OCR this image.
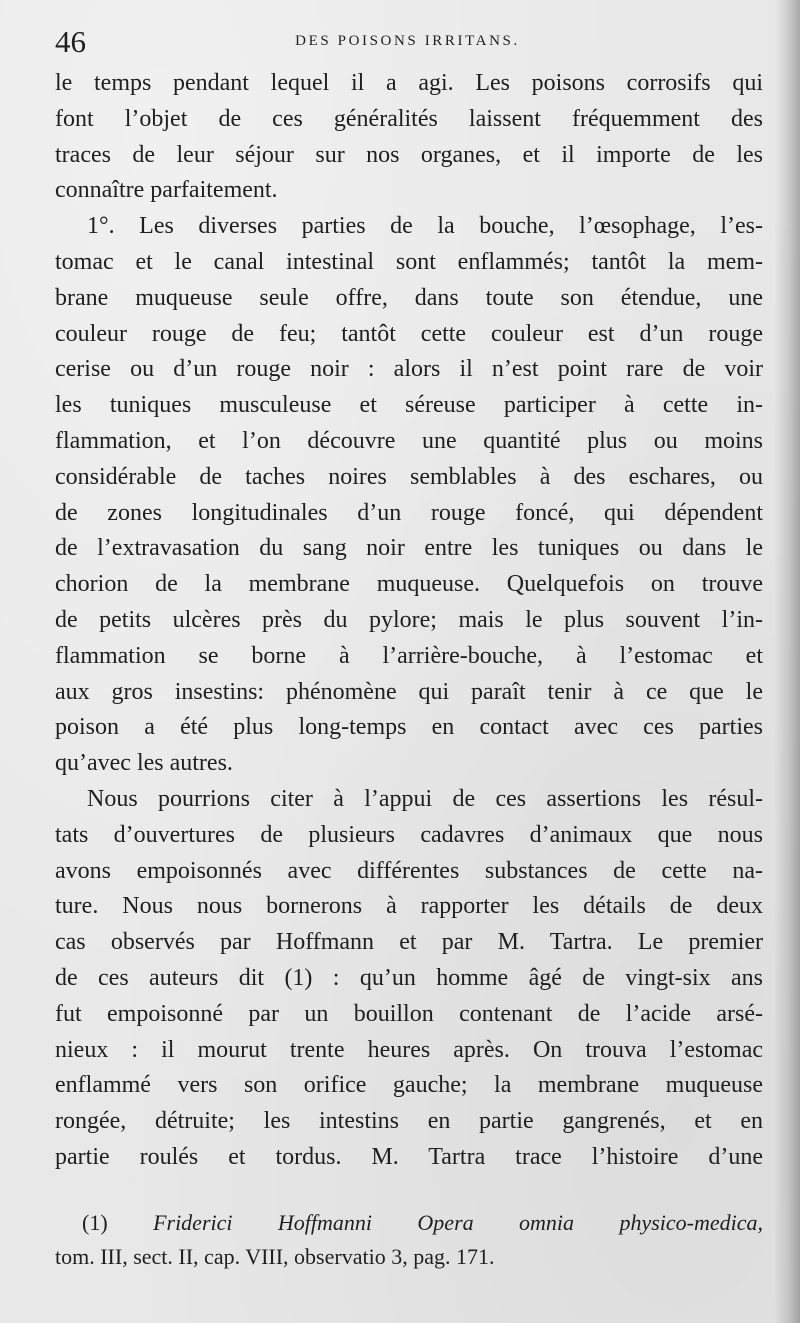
46	DES POISONS IRRITANS.
le temps pendant lequel il a agi. Les poisons corrosifs qui
font l’objet de ces généralités laissent fréquemment des
traces de leur séjour sur nos organes, et il importe de les
connaître parfaitement.
1°. Les diverses parties de la bouche, l’œsophage, l’es-
tomac et le canal intestinal sont enflammés; tantôt la mem-
brane muqueuse seule offre, dans toute son étendue, une
couleur rouge de feu; tantôt cette couleur est d’un rouge
cerise ou d’un rouge noir : alors il n’est point rare de voir
les tuniques musculeuse et séreuse participer à cette in-
flammation, et l’on découvre une quantité plus ou moins
considérable de taches noires semblables à des eschares, ou
de zones longitudinales d’un rouge foncé, qui dépendent
de l’extravasation du sang noir entre les tuniques ou dans le
chorion de la membrane muqueuse. Quelquefois on trouve
de petits ulcères près du pylore; mais le plus souvent l’in-
flammation se borne à l’arrière-bouche, à l’estomac et
aux gros insestins: phénomène qui paraît tenir à ce que le
poison a été plus long-temps en contact avec ces parties
qu’avec les autres.
Nous pourrions citer à l’appui de ces assertions les résul-
tats d’ouvertures de plusieurs cadavres d’animaux que nous
avons empoisonnés avec différentes substances de cette na-
ture. Nous nous bornerons à rapporter les détails de deux
cas observés par Hoffmann et par M. Tartra. Le premier
de ces auteurs dit (1) : qu’un homme âgé de vingt-six ans
fut empoisonné par un bouillon contenant de l’acide arsé-
nieux : il mourut trente heures après. On trouva l’estomac
enflammé vers son orifice gauche; la membrane muqueuse
rongée, détruite; les intestins en partie gangrenés, et en
partie roulés et tordus. M. Tartra trace l’histoire d’une
(1) Friderici Hoffmanni Opera omnia physico-medica,
tom. III, sect. II, cap. VIII, observatio 3, pag. 171.
